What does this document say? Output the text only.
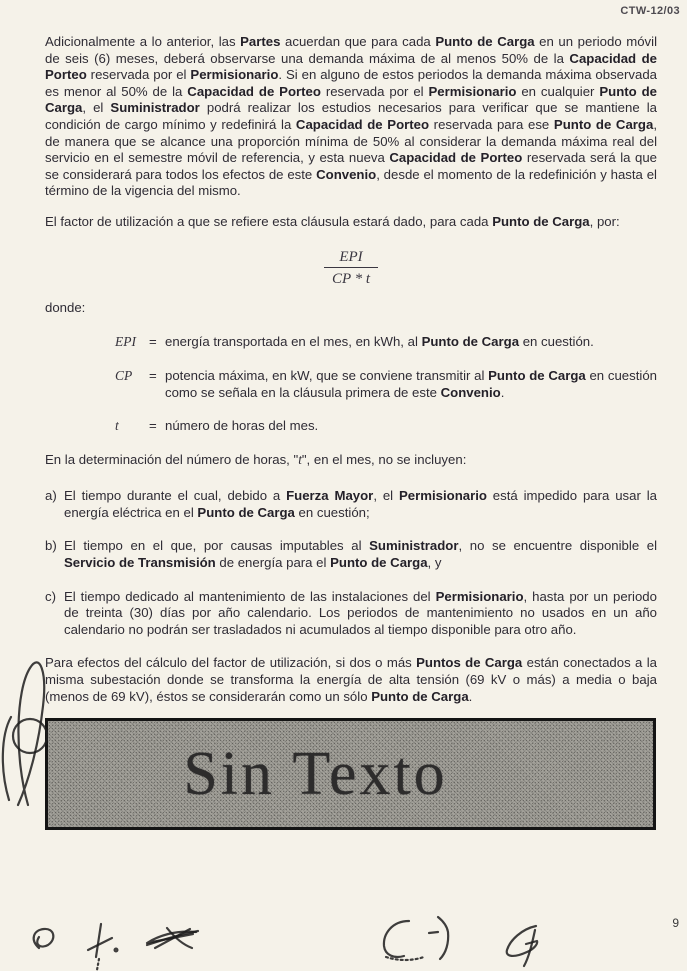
CTW-12/03

Adicionalmente a lo anterior, las Partes acuerdan que para cada Punto de Carga en un periodo móvil de seis (6) meses, deberá observarse una demanda máxima de al menos 50% de la Capacidad de Porteo reservada por el Permisionario. Si en alguno de estos periodos la demanda máxima observada es menor al 50% de la Capacidad de Porteo reservada por el Permisionario en cualquier Punto de Carga, el Suministrador podrá realizar los estudios necesarios para verificar que se mantiene la condición de cargo mínimo y redefinirá la Capacidad de Porteo reservada para ese Punto de Carga, de manera que se alcance una proporción mínima de 50% al considerar la demanda máxima real del servicio en el semestre móvil de referencia, y esta nueva Capacidad de Porteo reservada será la que se considerará para todos los efectos de este Convenio, desde el momento de la redefinición y hasta el término de la vigencia del mismo.

El factor de utilización a que se refiere esta cláusula estará dado, para cada Punto de Carga, por:

$\frac{\text{EPI}}{CP * t}$

donde:

EPI = energía transportada en el mes, en kWh, al Punto de Carga en cuestión.
CP	= potencia máxima, en kW, que se conviene transmitir al Punto de Carga en cuestión como se señala en la cláusula primera de este Convenio.
t	= número de horas del mes.

En la determinación del número de horas, "t", en el mes, no se incluyen:

a) El tiempo durante el cual, debido a Fuerza Mayor, el Permisionario está impedido para usar la energía eléctrica en el Punto de Carga en cuestión;
b) El tiempo en el que, por causas imputables al Suministrador, no se encuentre disponible el Servicio de Transmisión de energía para el Punto de Carga, y
c) El tiempo dedicado al mantenimiento de las instalaciones del Permisionario, hasta por un periodo de treinta (30) días por año calendario. Los periodos de mantenimiento no usados en un año calendario no podrán ser trasladados ni acumulados al tiempo disponible para otro año.

Para efectos del cálculo del factor de utilización, si dos o más Puntos de Carga están conectados a la misma subestación donde se transforma la energía de alta tensión (69 kV o más) a media o baja (menos de 69 kV), éstos se considerarán como un sólo Punto de Carga.

Sin Texto
9
